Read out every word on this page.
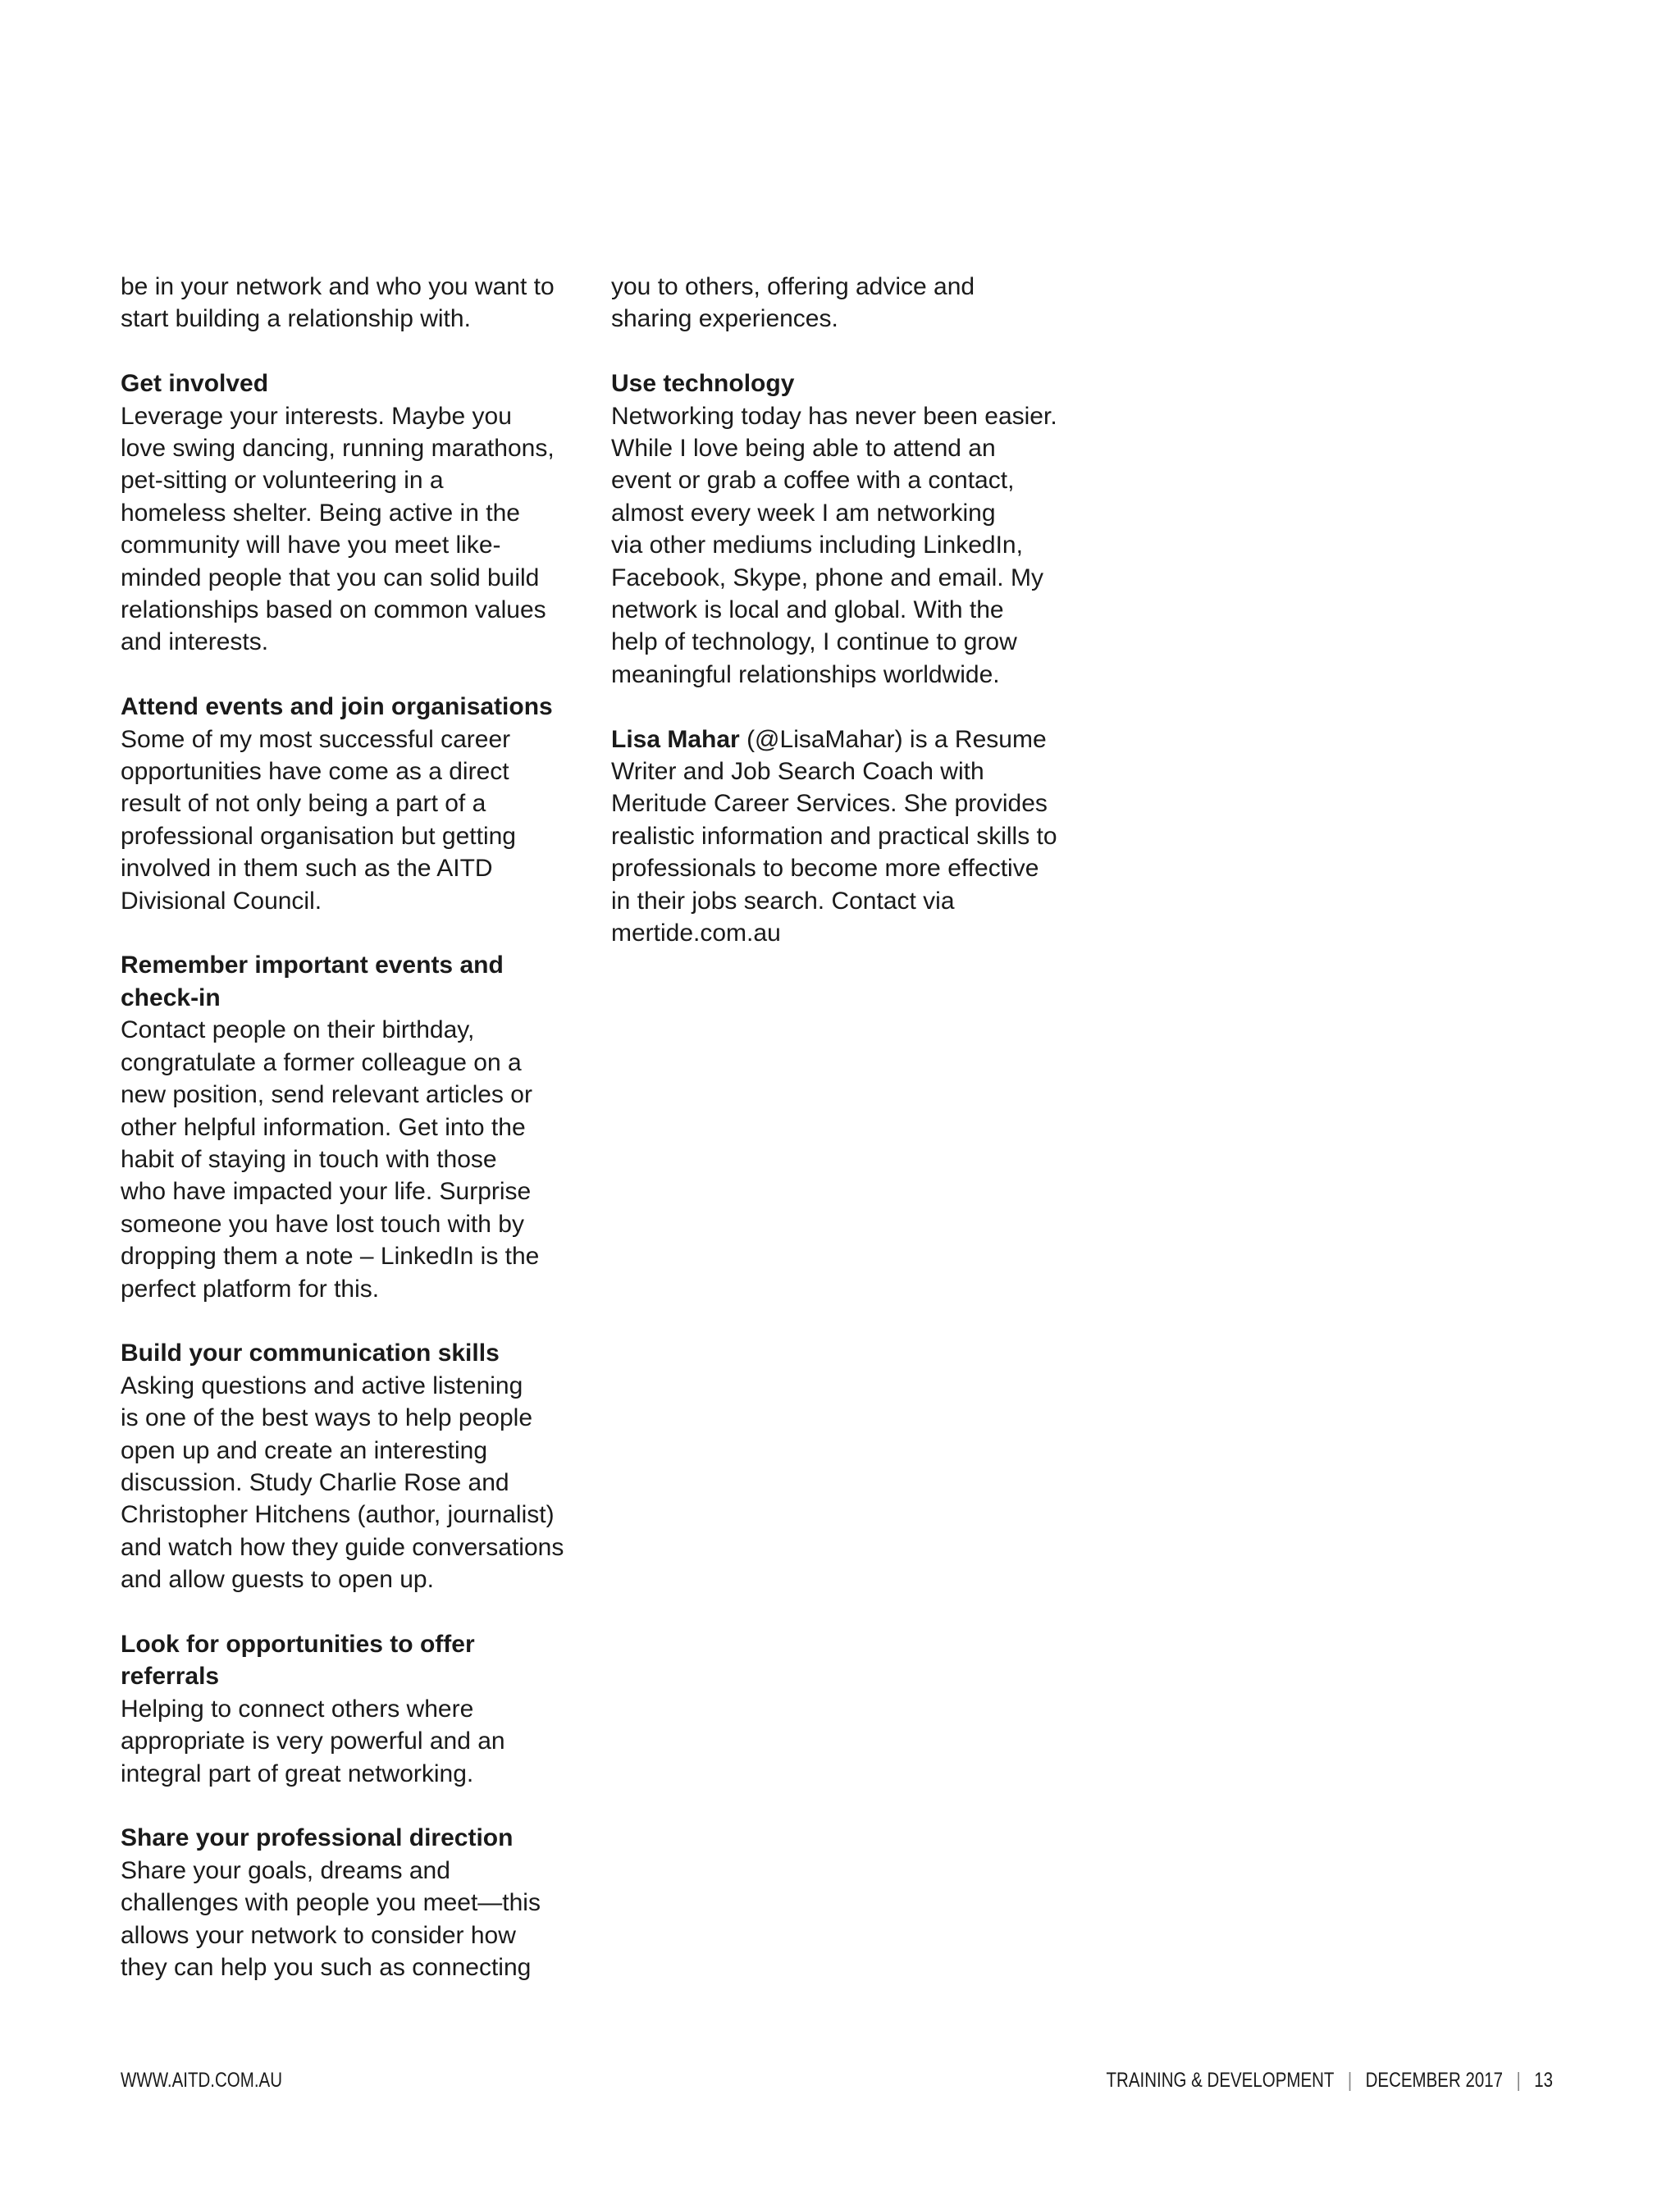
be in your network and who you want to
start building a relationship with.
Get involved
Leverage your interests. Maybe you
love swing dancing, running marathons,
pet-sitting or volunteering in a
homeless shelter. Being active in the
community will have you meet like-
minded people that you can solid build
relationships based on common values
and interests.
Attend events and join organisations
Some of my most successful career
opportunities have come as a direct
result of not only being a part of a
professional organisation but getting
involved in them such as the AITD
Divisional Council.
Remember important events and
check-in
Contact people on their birthday,
congratulate a former colleague on a
new position, send relevant articles or
other helpful information. Get into the
habit of staying in touch with those
who have impacted your life. Surprise
someone you have lost touch with by
dropping them a note – LinkedIn is the
perfect platform for this.
Build your communication skills
Asking questions and active listening
is one of the best ways to help people
open up and create an interesting
discussion. Study Charlie Rose and
Christopher Hitchens (author, journalist)
and watch how they guide conversations
and allow guests to open up.
Look for opportunities to offer
referrals
Helping to connect others where
appropriate is very powerful and an
integral part of great networking.
Share your professional direction
Share your goals, dreams and
challenges with people you meet—this
allows your network to consider how
they can help you such as connecting
you to others, offering advice and
sharing experiences.
Use technology
Networking today has never been easier.
While I love being able to attend an
event or grab a coffee with a contact,
almost every week I am networking
via other mediums including LinkedIn,
Facebook, Skype, phone and email. My
network is local and global. With the
help of technology, I continue to grow
meaningful relationships worldwide.
Lisa Mahar (@LisaMahar) is a Resume
Writer and Job Search Coach with
Meritude Career Services. She provides
realistic information and practical skills to
professionals to become more effective
in their jobs search. Contact via
mertide.com.au
WWW.AITD.COM.AU	TRAINING & DEVELOPMENT | DECEMBER 2017 | 13
